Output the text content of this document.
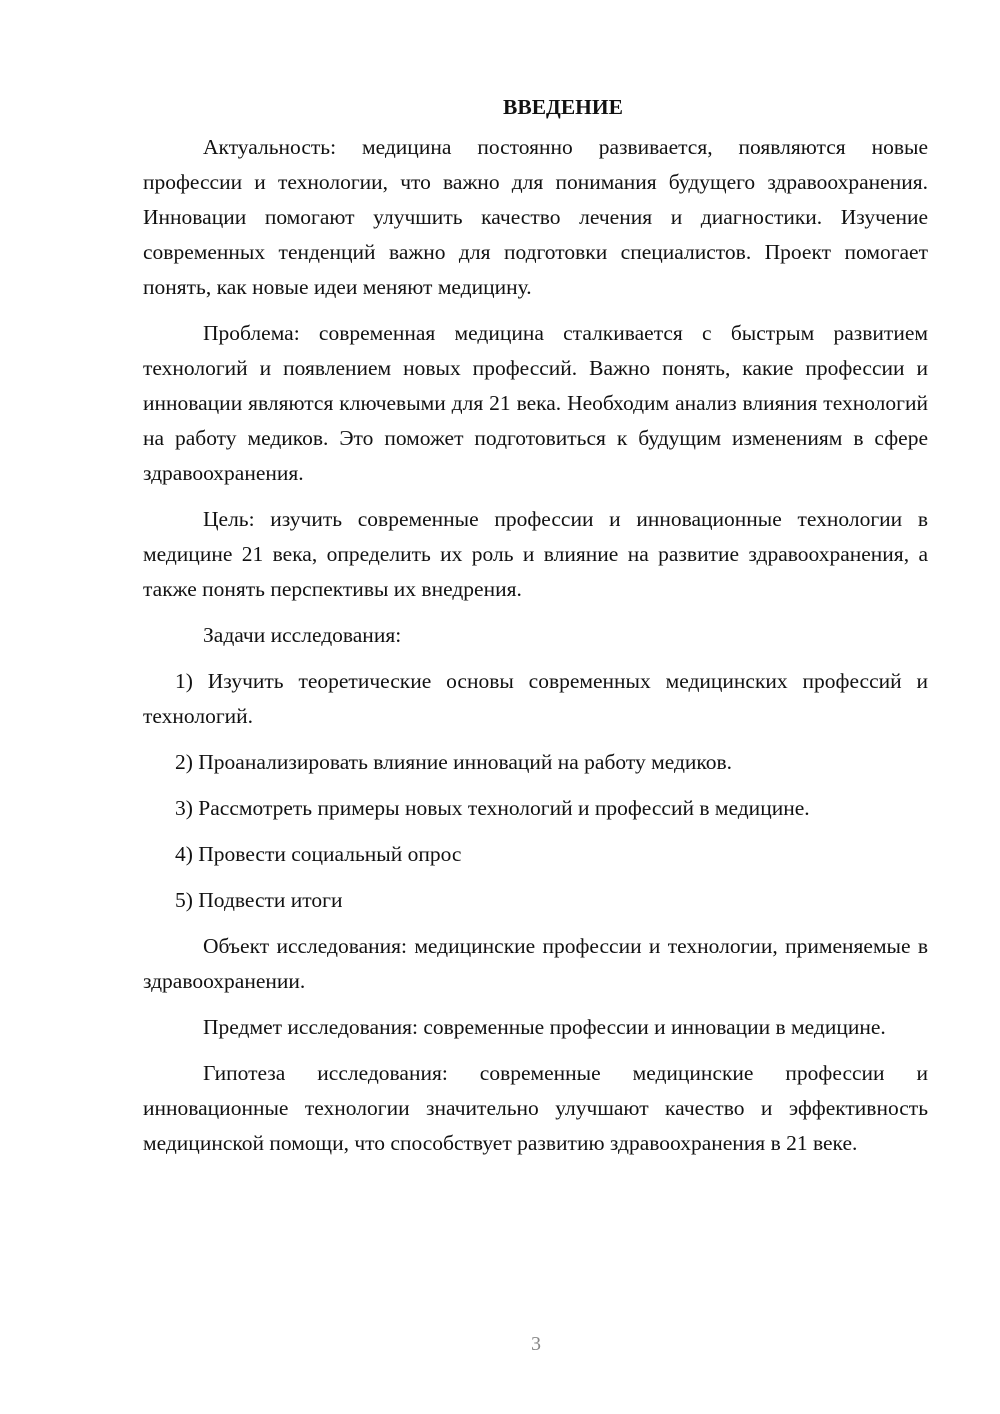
ВВЕДЕНИЕ

Актуальность: медицина постоянно развивается, появляются новые профессии и технологии, что важно для понимания будущего здравоохранения. Инновации помогают улучшить качество лечения и диагностики. Изучение современных тенденций важно для подготовки специалистов. Проект помогает понять, как новые идеи меняют медицину.

Проблема: современная медицина сталкивается с быстрым развитием технологий и появлением новых профессий. Важно понять, какие профессии и инновации являются ключевыми для 21 века. Необходим анализ влияния технологий на работу медиков. Это поможет подготовиться к будущим изменениям в сфере здравоохранения.

Цель: изучить современные профессии и инновационные технологии в медицине 21 века, определить их роль и влияние на развитие здравоохранения, а также понять перспективы их внедрения.

Задачи исследования:

1) Изучить теоретические основы современных медицинских профессий и технологий.

2) Проанализировать влияние инноваций на работу медиков.

3) Рассмотреть примеры новых технологий и профессий в медицине.

4) Провести социальный опрос

5) Подвести итоги

Объект исследования: медицинские профессии и технологии, применяемые в здравоохранении.

Предмет исследования: современные профессии и инновации в медицине.

Гипотеза исследования: современные медицинские профессии и инновационные технологии значительно улучшают качество и эффективность медицинской помощи, что способствует развитию здравоохранения в 21 веке.

3
